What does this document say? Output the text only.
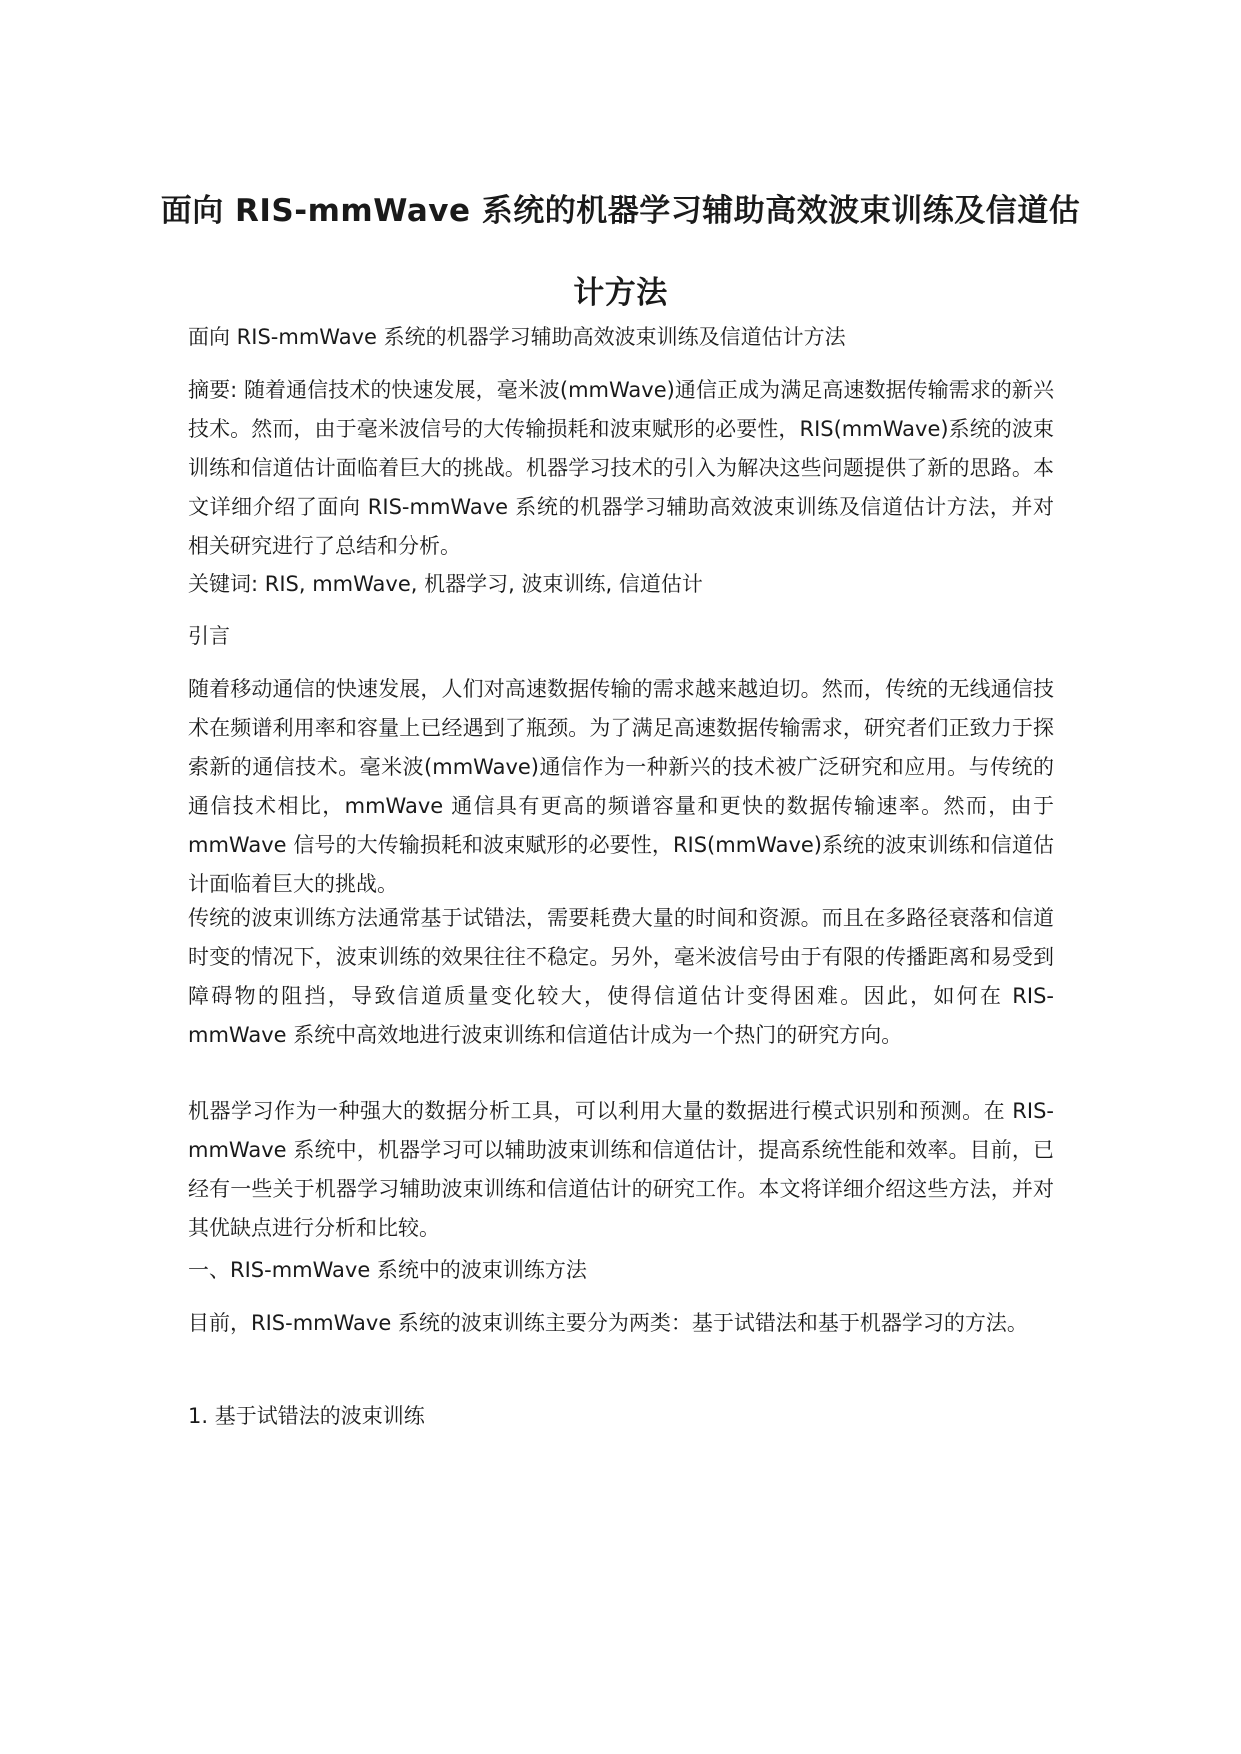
面向 RIS-mmWave 系统的机器学习辅助高效波束训练及信道估计方法
面向 RIS-mmWave 系统的机器学习辅助高效波束训练及信道估计方法
摘要: 随着通信技术的快速发展，毫米波(mmWave)通信正成为满足高速数据传输需求的新兴技术。然而，由于毫米波信号的大传输损耗和波束赋形的必要性，RIS(mmWave)系统的波束训练和信道估计面临着巨大的挑战。机器学习技术的引入为解决这些问题提供了新的思路。本文详细介绍了面向 RIS-mmWave 系统的机器学习辅助高效波束训练及信道估计方法，并对相关研究进行了总结和分析。
关键词: RIS, mmWave, 机器学习, 波束训练, 信道估计
引言
随着移动通信的快速发展，人们对高速数据传输的需求越来越迫切。然而，传统的无线通信技术在频谱利用率和容量上已经遇到了瓶颈。为了满足高速数据传输需求，研究者们正致力于探索新的通信技术。毫米波(mmWave)通信作为一种新兴的技术被广泛研究和应用。与传统的通信技术相比，mmWave 通信具有更高的频谱容量和更快的数据传输速率。然而，由于 mmWave 信号的大传输损耗和波束赋形的必要性，RIS(mmWave)系统的波束训练和信道估计面临着巨大的挑战。
传统的波束训练方法通常基于试错法，需要耗费大量的时间和资源。而且在多路径衰落和信道时变的情况下，波束训练的效果往往不稳定。另外，毫米波信号由于有限的传播距离和易受到障碍物的阻挡，导致信道质量变化较大，使得信道估计变得困难。因此，如何在 RIS-mmWave 系统中高效地进行波束训练和信道估计成为一个热门的研究方向。
机器学习作为一种强大的数据分析工具，可以利用大量的数据进行模式识别和预测。在 RIS-mmWave 系统中，机器学习可以辅助波束训练和信道估计，提高系统性能和效率。目前，已经有一些关于机器学习辅助波束训练和信道估计的研究工作。本文将详细介绍这些方法，并对其优缺点进行分析和比较。
一、RIS-mmWave 系统中的波束训练方法
目前，RIS-mmWave 系统的波束训练主要分为两类：基于试错法和基于机器学习的方法。
1. 基于试错法的波束训练
